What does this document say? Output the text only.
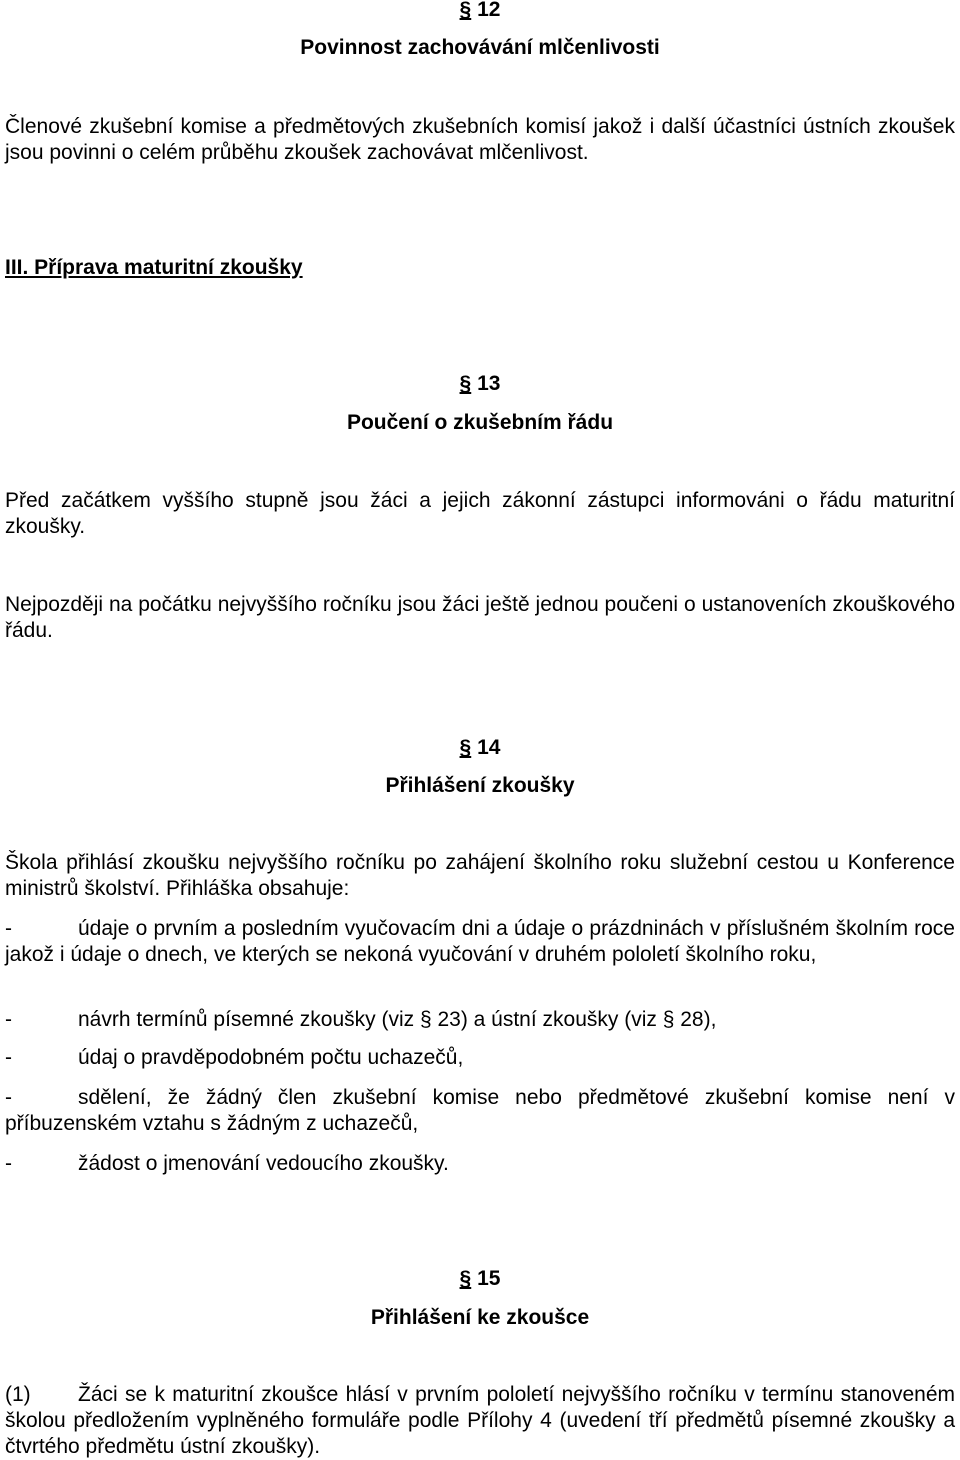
§ 12
Povinnost zachovávání mlčenlivosti
Členové zkušební komise a předmětových zkušebních komisí jakož i další účastníci ústních zkoušek jsou povinni o celém průběhu zkoušek zachovávat mlčenlivost.
III. Příprava maturitní zkoušky
§ 13
Poučení o zkušebním řádu
Před začátkem vyššího stupně jsou žáci a jejich zákonní zástupci informováni o řádu maturitní zkoušky.
Nejpozději na počátku nejvyššího ročníku jsou žáci ještě jednou poučeni o ustanoveních zkouškového řádu.
§ 14
Přihlášení zkoušky
Škola přihlásí zkoušku nejvyššího ročníku po zahájení školního roku služební cestou u Konference ministrů školství. Přihláška obsahuje:
-	údaje o prvním a posledním vyučovacím dni a údaje o prázdninách v příslušném školním roce jakož i údaje o dnech, ve kterých se nekoná vyučování v druhém pololetí školního roku,
-	návrh termínů písemné zkoušky (viz § 23) a ústní zkoušky (viz § 28),
-	údaj o pravděpodobném počtu uchazečů,
-	sdělení, že žádný člen zkušební komise nebo předmětové zkušební komise není v příbuzenském vztahu s žádným z uchazečů,
-	žádost o jmenování vedoucího zkoušky.
§ 15
Přihlášení ke zkoušce
(1) Žáci se k maturitní zkoušce hlásí v prvním pololetí nejvyššího ročníku v termínu stanoveném školou předložením vyplněného formuláře podle Přílohy 4 (uvedení tří předmětů písemné zkoušky a čtvrtého předmětu ústní zkoušky).
